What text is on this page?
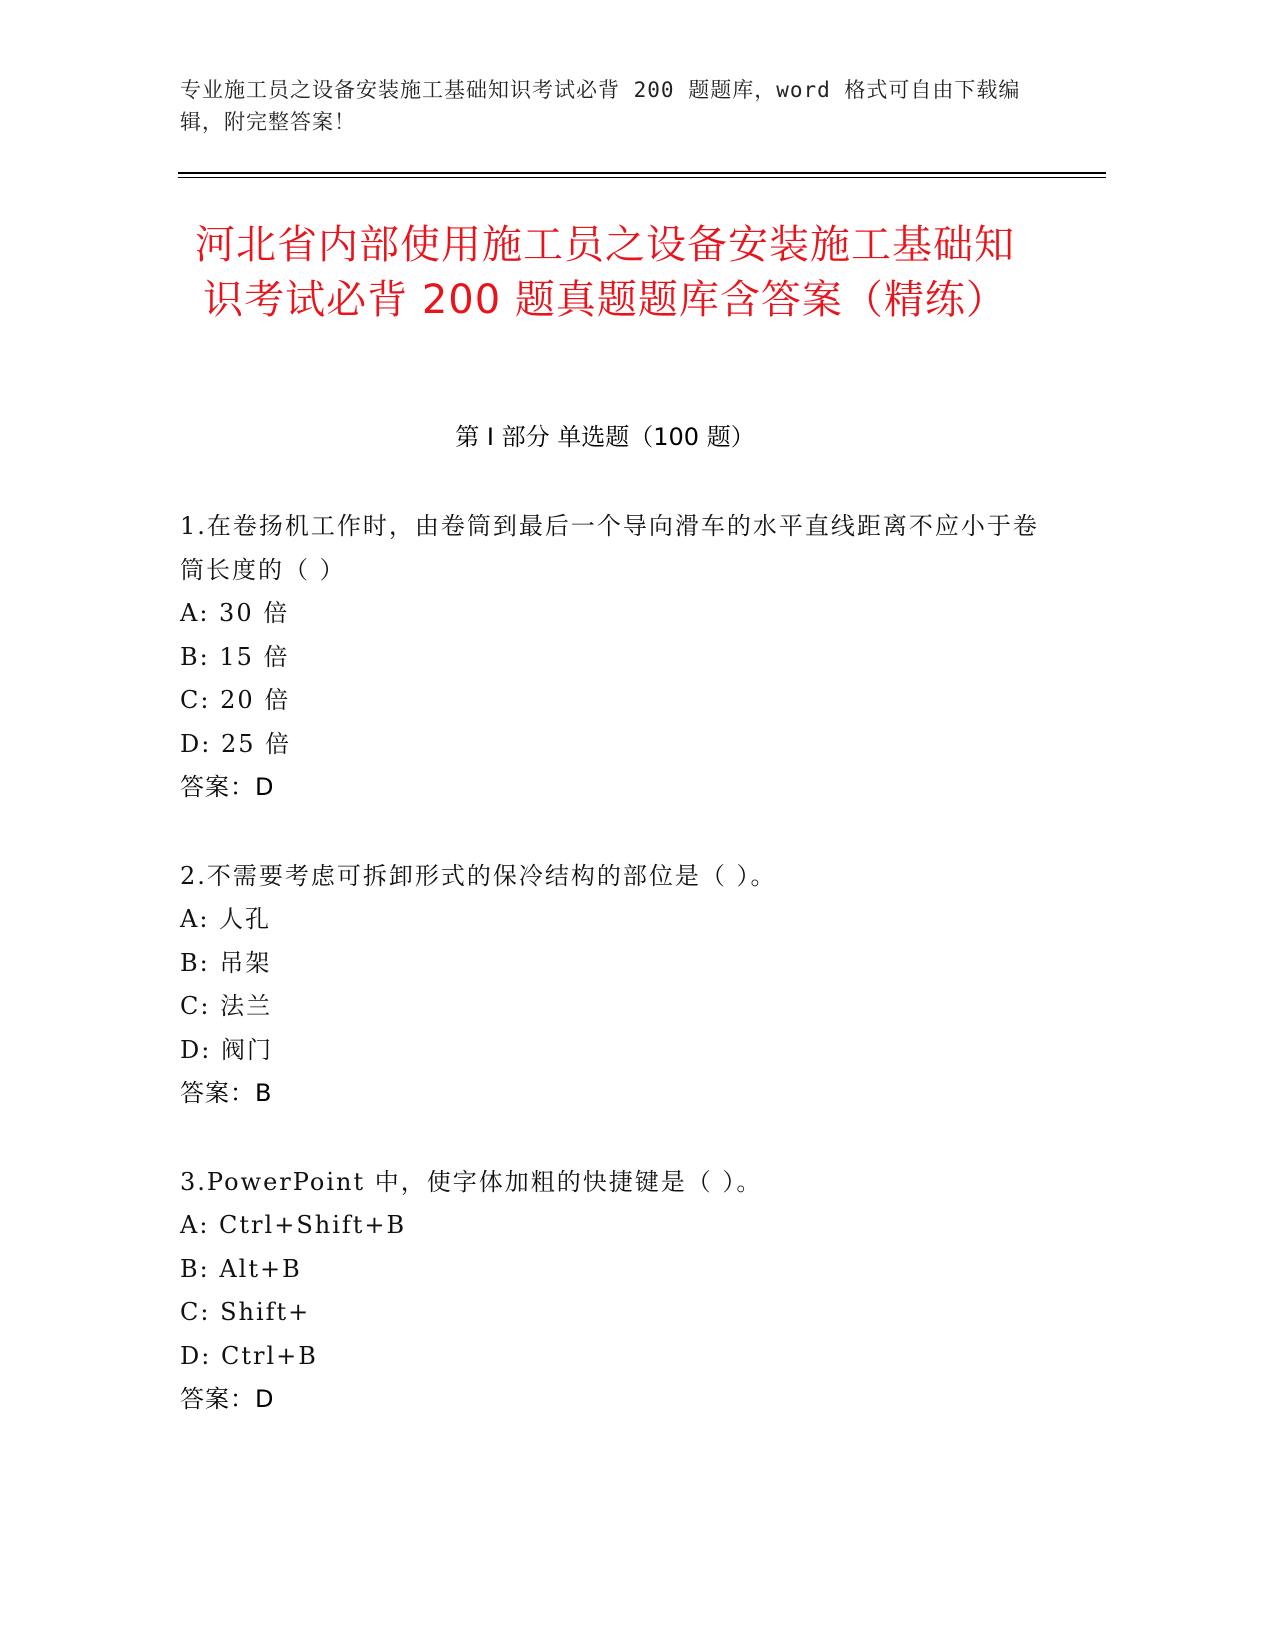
专业施工员之设备安装施工基础知识考试必背 200 题题库，word 格式可自由下载编辑，附完整答案！
河北省内部使用施工员之设备安装施工基础知识考试必背 200 题真题题库含答案（精练）
第 I 部分 单选题（100 题）
1.在卷扬机工作时，由卷筒到最后一个导向滑车的水平直线距离不应小于卷筒长度的（ ）
A: 30 倍
B: 15 倍
C: 20 倍
D: 25 倍
答案：D
2.不需要考虑可拆卸形式的保冷结构的部位是（ ）。
A: 人孔
B: 吊架
C: 法兰
D: 阀门
答案：B
3.PowerPoint 中，使字体加粗的快捷键是（ ）。
A: Ctrl+Shift+B
B: Alt+B
C: Shift+
D: Ctrl+B
答案：D
